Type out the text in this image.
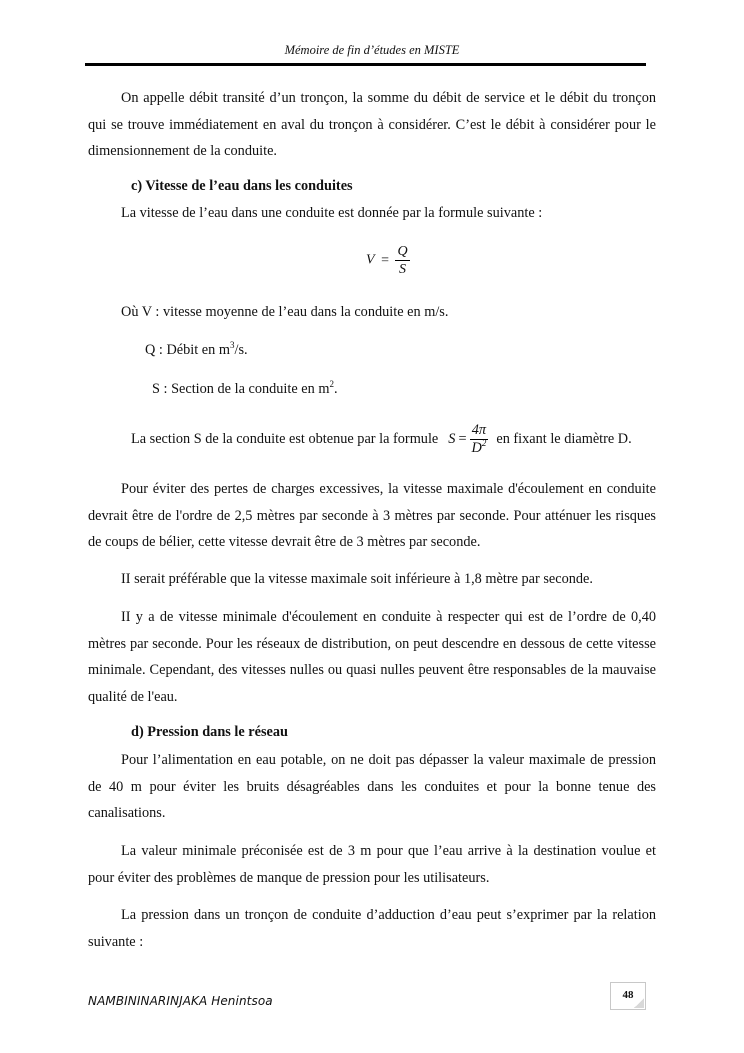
Mémoire de fin d’études en MISTE

On appelle débit transité d’un tronçon, la somme du débit de service et le débit du tronçon qui se trouve immédiatement en aval du tronçon à considérer. C’est le débit à considérer pour le dimensionnement de la conduite.

c) Vitesse de l’eau dans les conduites
La vitesse de l’eau dans une conduite est donnée par la formule suivante :
$V = \frac{Q}{S}$
Où V : vitesse moyenne de l’eau dans la conduite en m/s.
Q : Débit en $m^3/s$.
S : Section de la conduite en $m^2$.
La section S de la conduite est obtenue par la formule $S = \frac{4\pi}{D^2}$ en fixant le diamètre D.

Pour éviter des pertes de charges excessives, la vitesse maximale d'écoulement en conduite devrait être de l'ordre de 2,5 mètres par seconde à 3 mètres par seconde. Pour atténuer les risques de coups de bélier, cette vitesse devrait être de 3 mètres par seconde.

II serait préférable que la vitesse maximale soit inférieure à 1,8 mètre par seconde.

II y a de vitesse minimale d'écoulement en conduite à respecter qui est de l’ordre de 0,40 mètres par seconde. Pour les réseaux de distribution, on peut descendre en dessous de cette vitesse minimale. Cependant, des vitesses nulles ou quasi nulles peuvent être responsables de la mauvaise qualité de l'eau.

d) Pression dans le réseau

Pour l’alimentation en eau potable, on ne doit pas dépasser la valeur maximale de pression de 40 m pour éviter les bruits désagréables dans les conduites et pour la bonne tenue des canalisations.

La valeur minimale préconisée est de 3 m pour que l’eau arrive à la destination voulue et pour éviter des problèmes de manque de pression pour les utilisateurs.

La pression dans un tronçon de conduite d’adduction d’eau peut s’exprimer par la relation suivante :

NAMBININARINJAKA Henintsoa	48
